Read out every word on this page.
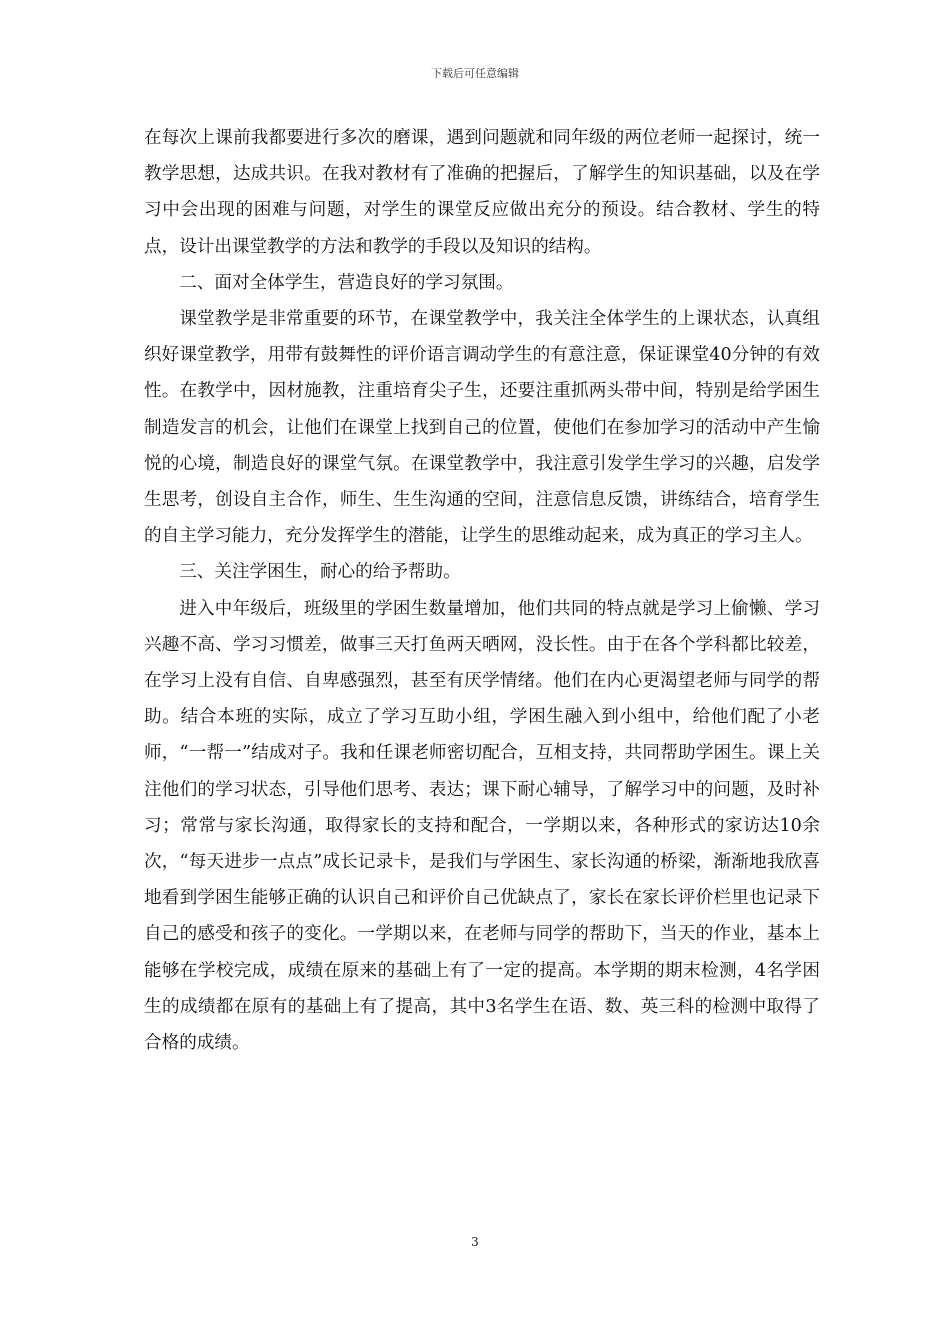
下载后可任意编辑

在每次上课前我都要进行多次的磨课，遇到问题就和同年级的两位老师一起探讨，统一教学思想，达成共识。在我对教材有了准确的把握后，了解学生的知识基础，以及在学习中会出现的困难与问题，对学生的课堂反应做出充分的预设。结合教材、学生的特点，设计出课堂教学的方法和教学的手段以及知识的结构。

二、面对全体学生，营造良好的学习氛围。

课堂教学是非常重要的环节，在课堂教学中，我关注全体学生的上课状态，认真组织好课堂教学，用带有鼓舞性的评价语言调动学生的有意注意，保证课堂40分钟的有效性。在教学中，因材施教，注重培育尖子生，还要注重抓两头带中间，特别是给学困生制造发言的机会，让他们在课堂上找到自己的位置，使他们在参加学习的活动中产生愉悦的心境，制造良好的课堂气氛。在课堂教学中，我注意引发学生学习的兴趣，启发学生思考，创设自主合作，师生、生生沟通的空间，注意信息反馈，讲练结合，培育学生的自主学习能力，充分发挥学生的潜能，让学生的思维动起来，成为真正的学习主人。

三、关注学困生，耐心的给予帮助。

进入中年级后，班级里的学困生数量增加，他们共同的特点就是学习上偷懒、学习兴趣不高、学习习惯差，做事三天打鱼两天晒网，没长性。由于在各个学科都比较差，在学习上没有自信、自卑感强烈，甚至有厌学情绪。他们在内心更渴望老师与同学的帮助。结合本班的实际，成立了学习互助小组，学困生融入到小组中，给他们配了小老师，“一帮一”结成对子。我和任课老师密切配合，互相支持，共同帮助学困生。课上关注他们的学习状态，引导他们思考、表达；课下耐心辅导，了解学习中的问题，及时补习；常常与家长沟通，取得家长的支持和配合，一学期以来，各种形式的家访达10余次，“每天进步一点点”成长记录卡，是我们与学困生、家长沟通的桥梁，渐渐地我欣喜地看到学困生能够正确的认识自己和评价自己优缺点了，家长在家长评价栏里也记录下自己的感受和孩子的变化。一学期以来，在老师与同学的帮助下，当天的作业，基本上能够在学校完成，成绩在原来的基础上有了一定的提高。本学期的期末检测，4名学困生的成绩都在原有的基础上有了提高，其中3名学生在语、数、英三科的检测中取得了合格的成绩。

3
